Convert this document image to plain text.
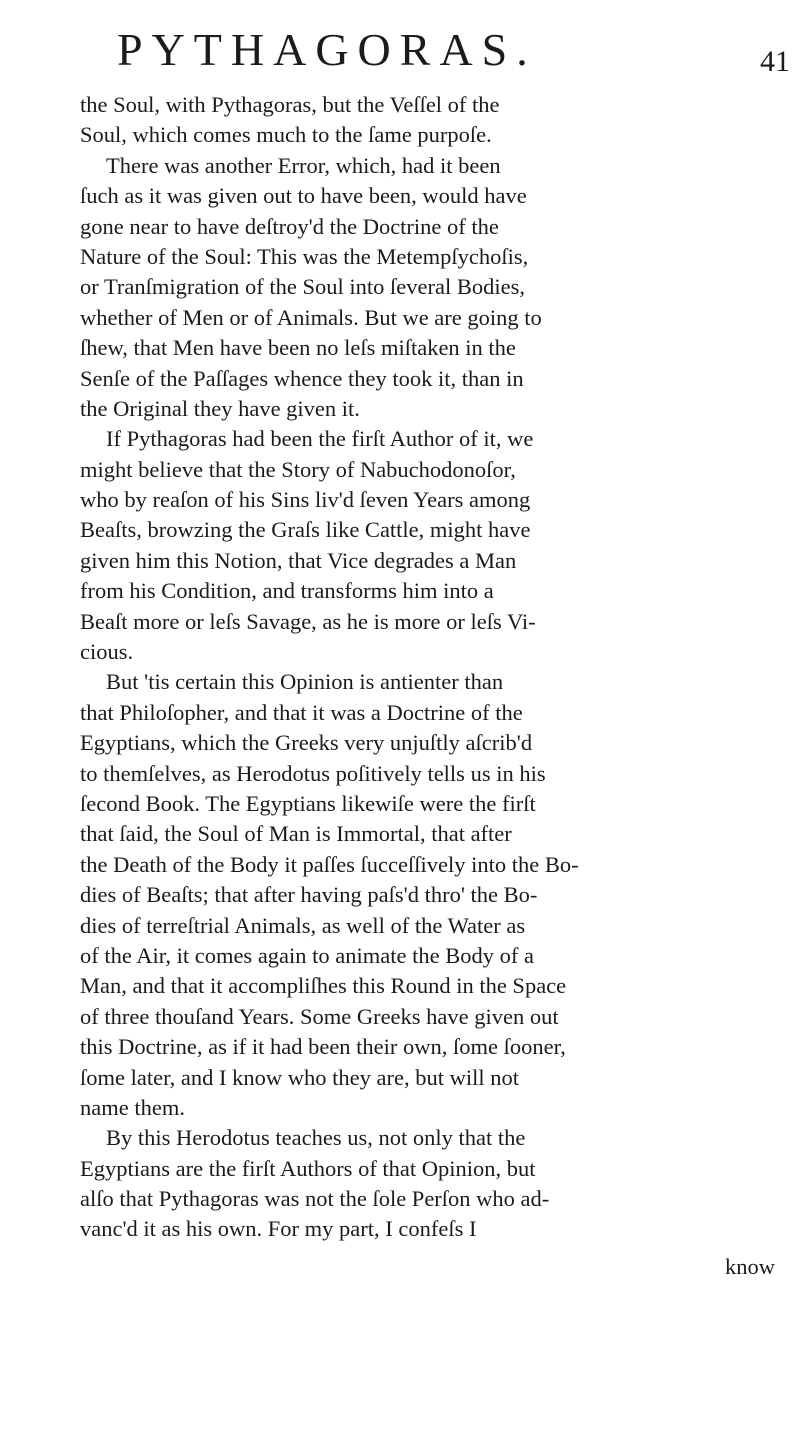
PYTHAGORAS.	41
the Soul, with Pythagoras, but the Veſſel of the
Soul, which comes much to the ſame purpoſe.
There was another Error, which, had it been
ſuch as it was given out to have been, would have
gone near to have deſtroy'd the Doctrine of the
Nature of the Soul: This was the Metempſychoſis,
or Tranſmigration of the Soul into ſeveral Bodies,
whether of Men or of Animals. But we are going to
ſhew, that Men have been no leſs miſtaken in the
Senſe of the Paſſages whence they took it, than in
the Original they have given it.
If Pythagoras had been the firſt Author of it, we
might believe that the Story of Nabuchodonoſor,
who by reaſon of his Sins liv'd ſeven Years among
Beaſts, browzing the Graſs like Cattle, might have
given him this Notion, that Vice degrades a Man
from his Condition, and transforms him into a
Beaſt more or leſs Savage, as he is more or leſs Vi-
cious.
But 'tis certain this Opinion is antienter than
that Philoſopher, and that it was a Doctrine of the
Egyptians, which the Greeks very unjuſtly aſcrib'd
to themſelves, as Herodotus poſitively tells us in his
ſecond Book. The Egyptians likewiſe were the firſt
that ſaid, the Soul of Man is Immortal, that after
the Death of the Body it paſſes ſucceſſively into the Bo-
dies of Beaſts; that after having paſs'd thro' the Bo-
dies of terreſtrial Animals, as well of the Water as
of the Air, it comes again to animate the Body of a
Man, and that it accompliſhes this Round in the Space
of three thouſand Years. Some Greeks have given out
this Doctrine, as if it had been their own, ſome ſooner,
ſome later, and I know who they are, but will not
name them.
By this Herodotus teaches us, not only that the
Egyptians are the firſt Authors of that Opinion, but
alſo that Pythagoras was not the ſole Perſon who ad-
vanc'd it as his own. For my part, I confeſs I
know
